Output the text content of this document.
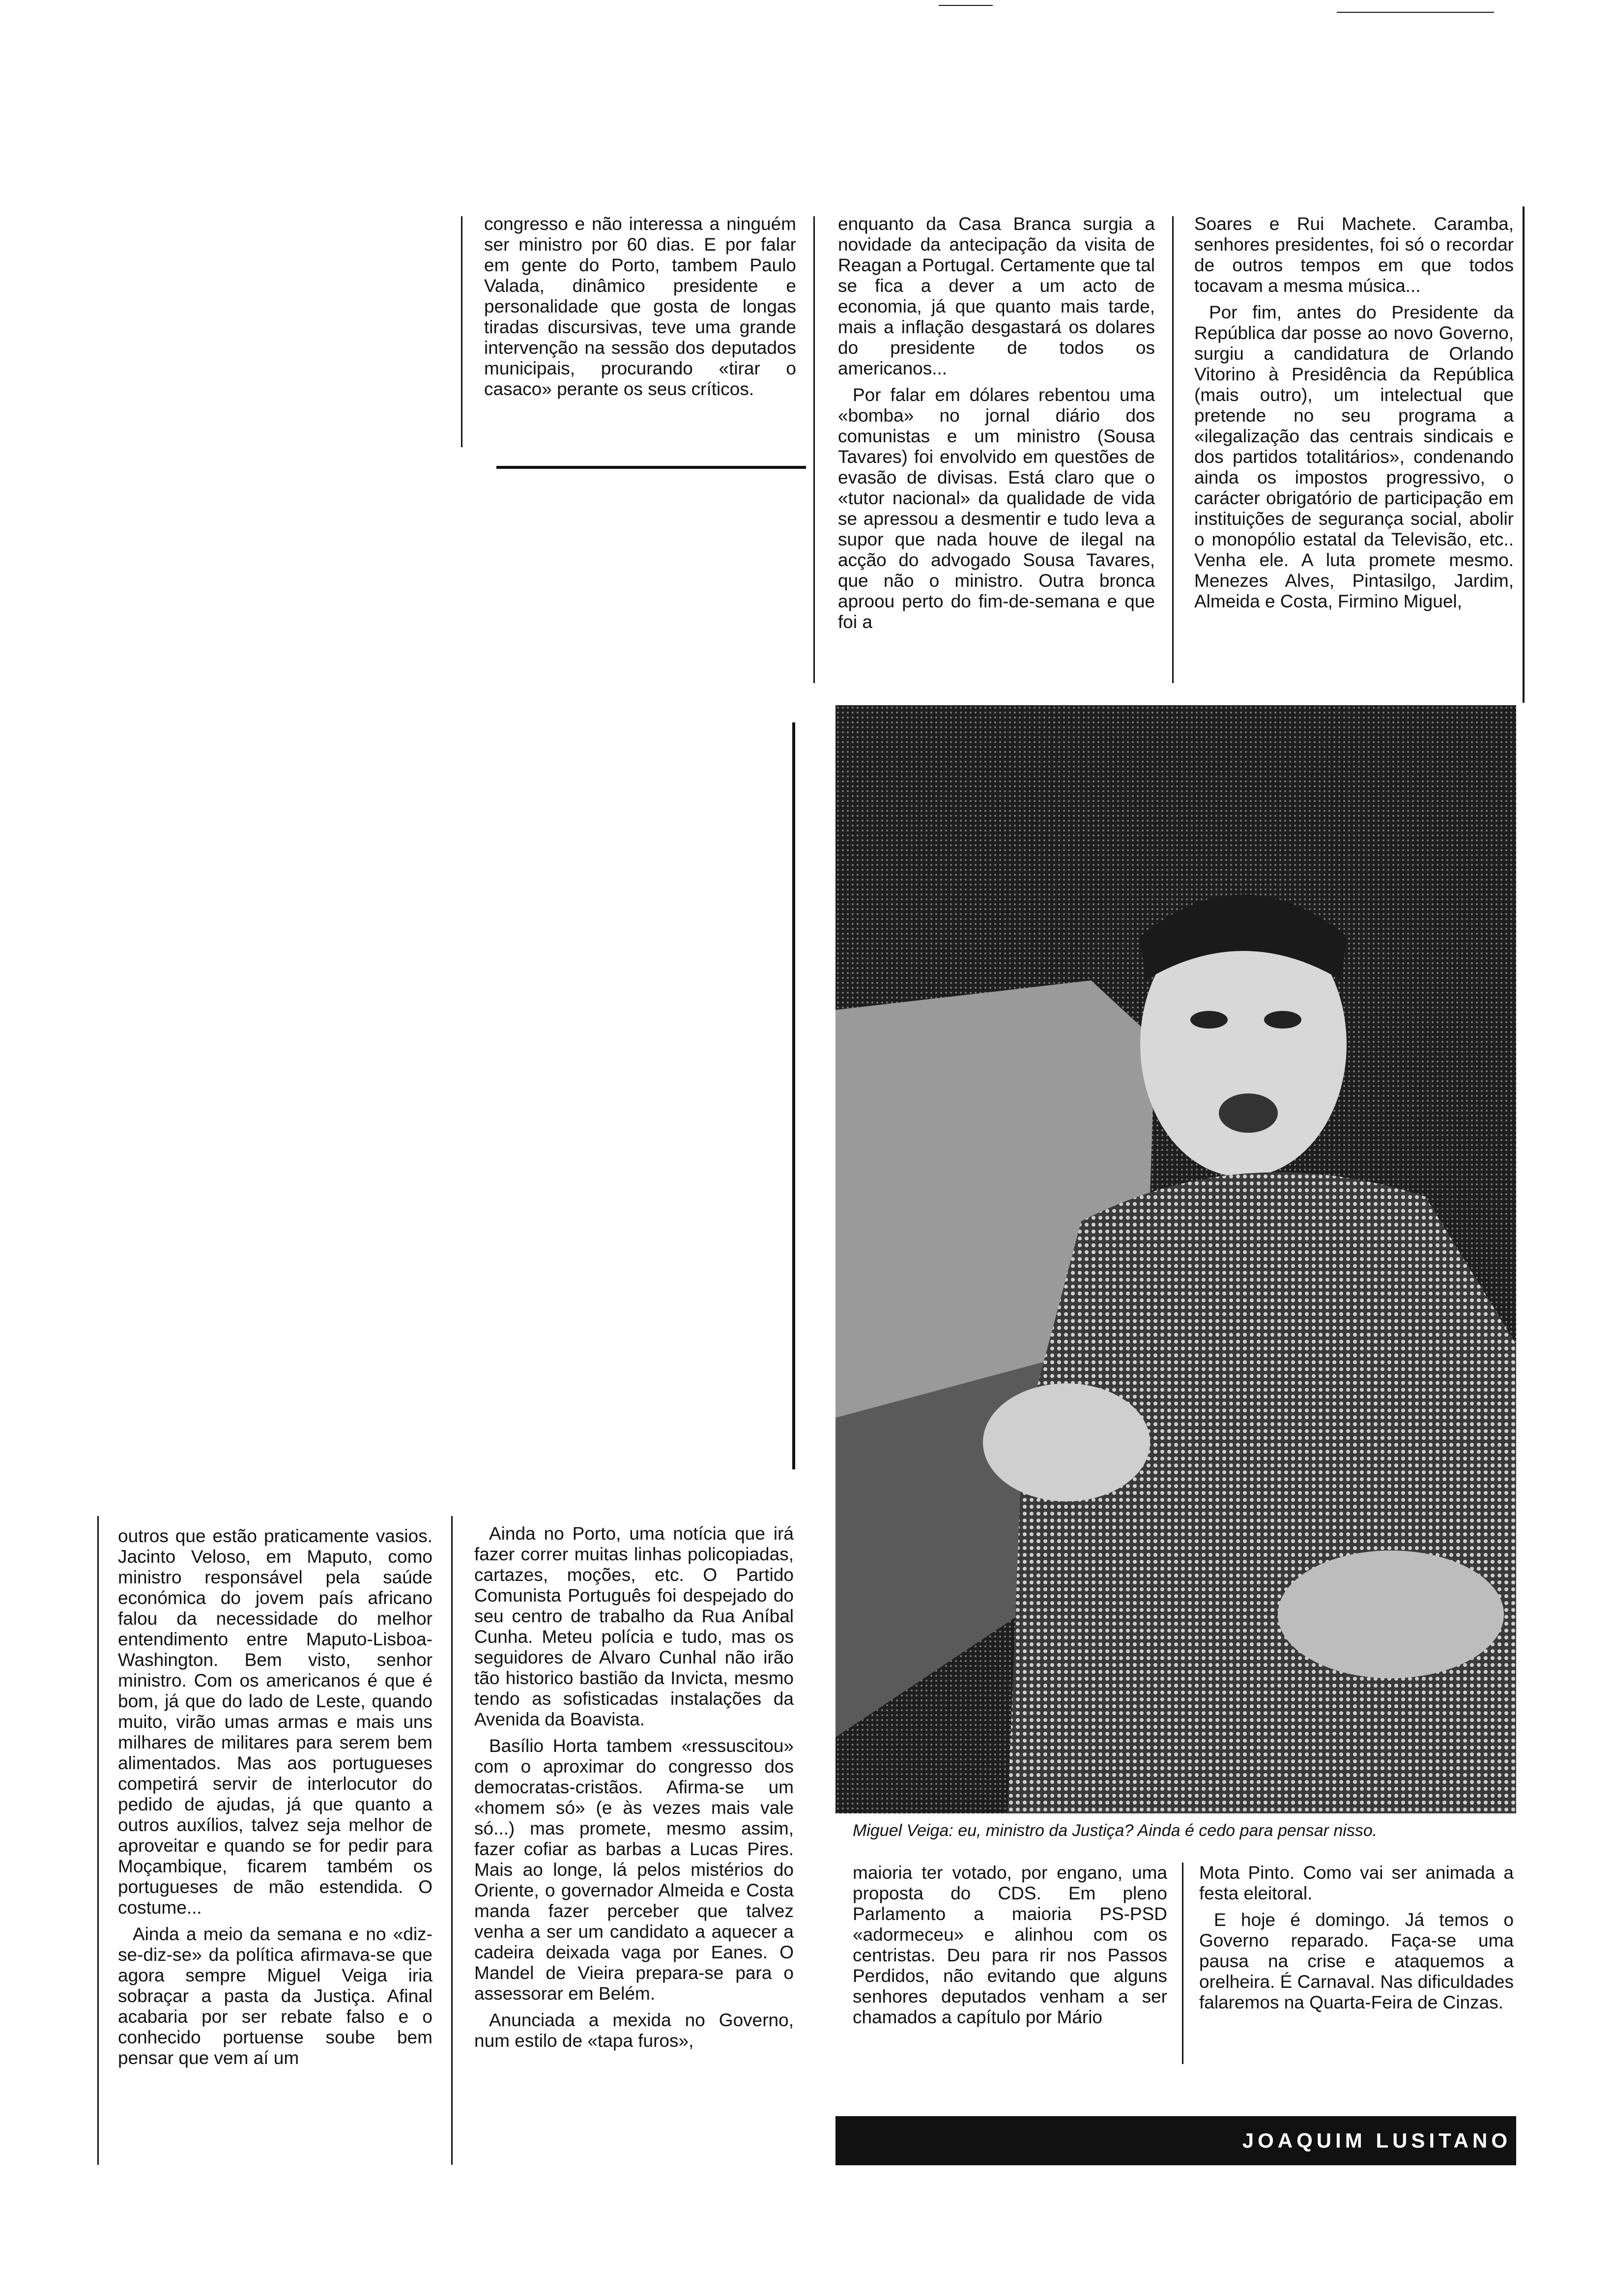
congresso e não interessa a ninguém ser ministro por 60 dias. E por falar em gente do Porto, tambem Paulo Valada, dinâmico presidente e personalidade que gosta de longas tiradas discursivas, teve uma grande intervenção na sessão dos deputados municipais, procurando «tirar o casaco» perante os seus críticos.

enquanto da Casa Branca surgia a novidade da antecipação da visita de Reagan a Portugal. Certamente que tal se fica a dever a um acto de economia, já que quanto mais tarde, mais a inflação desgastará os dolares do presidente de todos os americanos...

Por falar em dólares rebentou uma «bomba» no jornal diário dos comunistas e um ministro (Sousa Tavares) foi envolvido em questões de evasão de divisas. Está claro que o «tutor nacional» da qualidade de vida se apressou a desmentir e tudo leva a supor que nada houve de ilegal na acção do advogado Sousa Tavares, que não o ministro. Outra bronca aproou perto do fim-de-semana e que foi a

Soares e Rui Machete. Caramba, senhores presidentes, foi só o recordar de outros tempos em que todos tocavam a mesma música...

Por fim, antes do Presidente da República dar posse ao novo Governo, surgiu a candidatura de Orlando Vitorino à Presidência da República (mais outro), um intelectual que pretende no seu programa a «ilegalização das centrais sindicais e dos partidos totalitários», condenando ainda os impostos progressivo, o carácter obrigatório de participação em instituições de segurança social, abolir o monopólio estatal da Televisão, etc.. Venha ele. A luta promete mesmo. Menezes Alves, Pintasilgo, Jardim, Almeida e Costa, Firmino Miguel,

Miguel Veiga: eu, ministro da Justiça? Ainda é cedo para pensar nisso.

outros que estão praticamente vasios. Jacinto Veloso, em Maputo, como ministro responsável pela saúde económica do jovem país africano falou da necessidade do melhor entendimento entre Maputo-Lisboa-Washington. Bem visto, senhor ministro. Com os americanos é que é bom, já que do lado de Leste, quando muito, virão umas armas e mais uns milhares de militares para serem bem alimentados. Mas aos portugueses competirá servir de interlocutor do pedido de ajudas, já que quanto a outros auxílios, talvez seja melhor de aproveitar e quando se for pedir para Moçambique, ficarem também os portugueses de mão estendida. O costume...

Ainda a meio da semana e no «diz-se-diz-se» da política afirmava-se que agora sempre Miguel Veiga iria sobraçar a pasta da Justiça. Afinal acabaria por ser rebate falso e o conhecido portuense soube bem pensar que vem aí um

Ainda no Porto, uma notícia que irá fazer correr muitas linhas policopiadas, cartazes, moções, etc. O Partido Comunista Português foi despejado do seu centro de trabalho da Rua Aníbal Cunha. Meteu polícia e tudo, mas os seguidores de Alvaro Cunhal não irão tão historico bastião da Invicta, mesmo tendo as sofisticadas instalações da Avenida da Boavista.

Basílio Horta tambem «ressuscitou» com o aproximar do congresso dos democratas-cristãos. Afirma-se um «homem só» (e às vezes mais vale só...) mas promete, mesmo assim, fazer cofiar as barbas a Lucas Pires. Mais ao longe, lá pelos mistérios do Oriente, o governador Almeida e Costa manda fazer perceber que talvez venha a ser um candidato a aquecer a cadeira deixada vaga por Eanes. O Mandel de Vieira prepara-se para o assessorar em Belém.

Anunciada a mexida no Governo, num estilo de «tapa furos»,

maioria ter votado, por engano, uma proposta do CDS. Em pleno Parlamento a maioria PS-PSD «adormeceu» e alinhou com os centristas. Deu para rir nos Passos Perdidos, não evitando que alguns senhores deputados venham a ser chamados a capítulo por Mário

Mota Pinto. Como vai ser animada a festa eleitoral.

E hoje é domingo. Já temos o Governo reparado. Faça-se uma pausa na crise e ataquemos a orelheira. É Carnaval. Nas dificuldades falaremos na Quarta-Feira de Cinzas.

JOAQUIM LUSITANO
